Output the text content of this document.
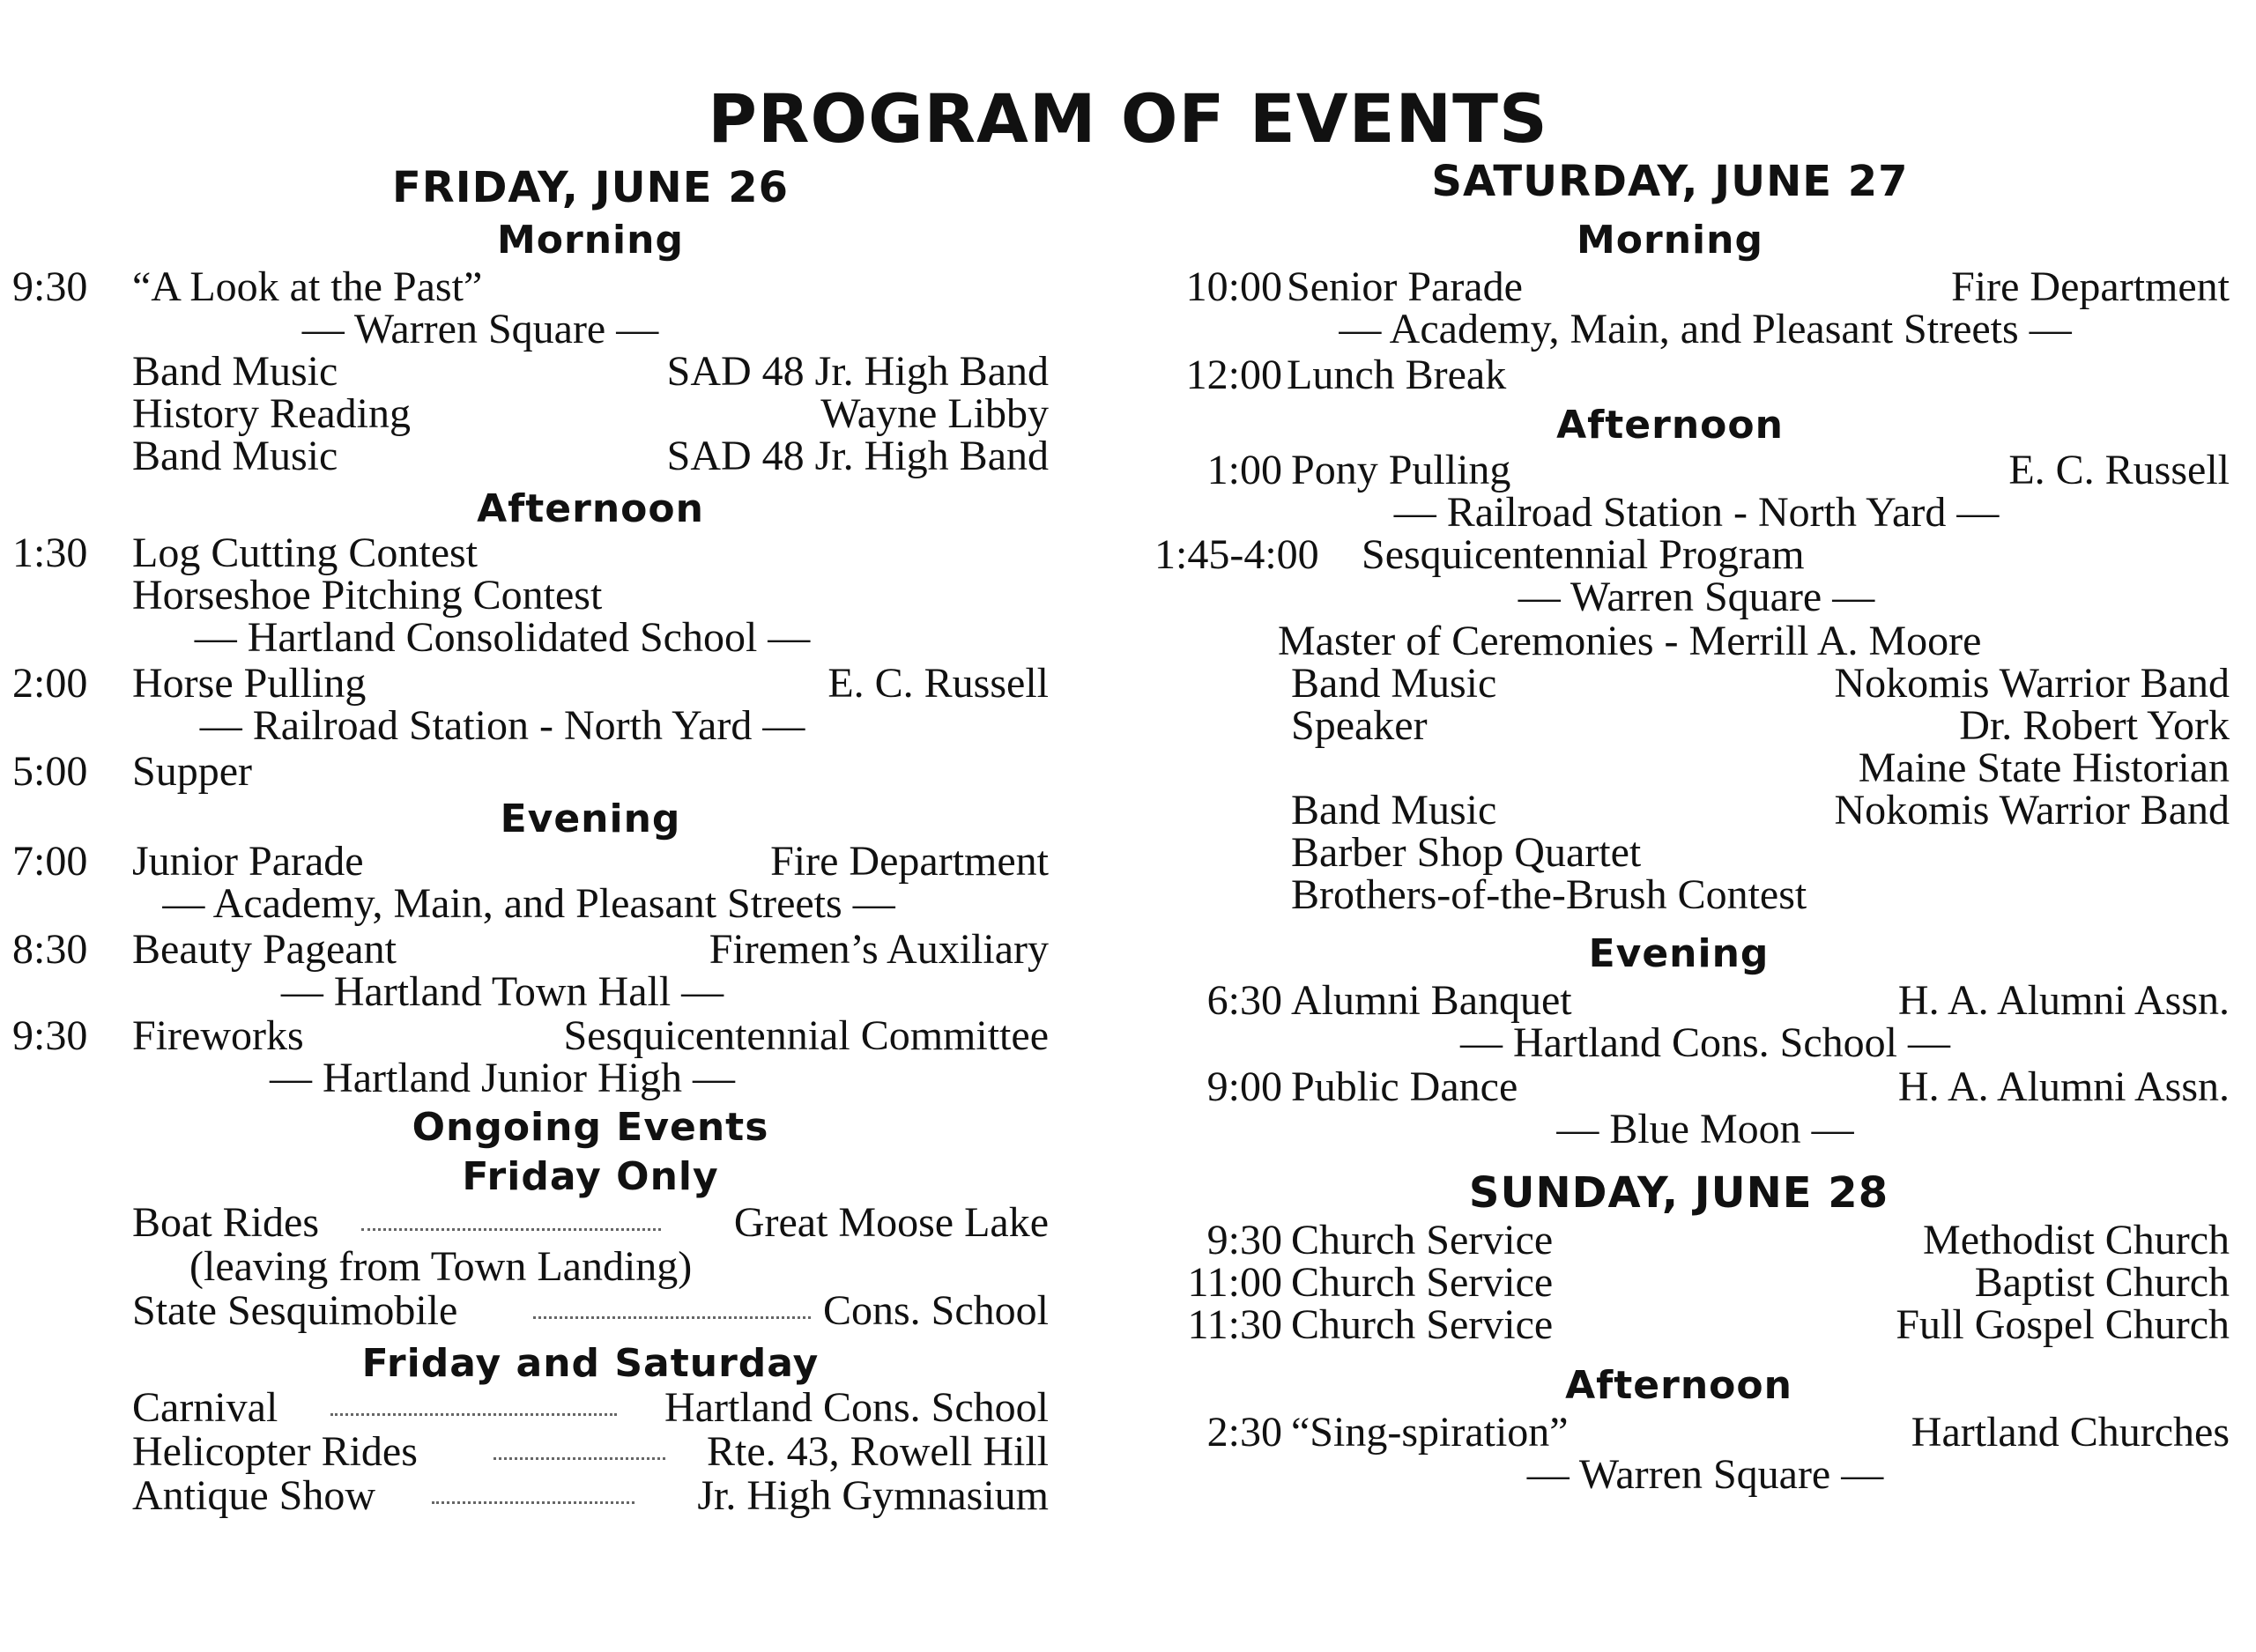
PROGRAM OF EVENTS
FRIDAY, JUNE 26
Morning
9:30 “A Look at the Past”
— Warren Square —
Band Music	SAD 48 Jr. High Band
History Reading	Wayne Libby
Band Music	SAD 48 Jr. High Band
Afternoon
1:30 Log Cutting Contest
Horseshoe Pitching Contest
— Hartland Consolidated School —
2:00 Horse Pulling	E. C. Russell
— Railroad Station - North Yard —
5:00 Supper
Evening
7:00 Junior Parade	Fire Department
— Academy, Main, and Pleasant Streets —
8:30 Beauty Pageant	Firemen’s Auxiliary
— Hartland Town Hall —
9:30 Fireworks	Sesquicentennial Committee
— Hartland Junior High —
Ongoing Events
Friday Only
Boat Rides	Great Moose Lake
(leaving from Town Landing)
State Sesquimobile	Cons. School
Friday and Saturday
Carnival	Hartland Cons. School
Helicopter Rides	Rte. 43, Rowell Hill
Antique Show	Jr. High Gymnasium
SATURDAY, JUNE 27
Morning
10:00 Senior Parade	Fire Department
— Academy, Main, and Pleasant Streets —
12:00 Lunch Break
Afternoon
1:00 Pony Pulling	E. C. Russell
— Railroad Station - North Yard —
1:45-4:00 Sesquicentennial Program
— Warren Square —
Master of Ceremonies - Merrill A. Moore
Band Music	Nokomis Warrior Band
Speaker	Dr. Robert York
Maine State Historian
Band Music	Nokomis Warrior Band
Barber Shop Quartet
Brothers-of-the-Brush Contest
Evening
6:30 Alumni Banquet	H. A. Alumni Assn.
— Hartland Cons. School —
9:00 Public Dance	H. A. Alumni Assn.
— Blue Moon —
SUNDAY, JUNE 28
9:30 Church Service	Methodist Church
11:00 Church Service	Baptist Church
11:30 Church Service	Full Gospel Church
Afternoon
2:30 “Sing-spiration”	Hartland Churches
— Warren Square —
